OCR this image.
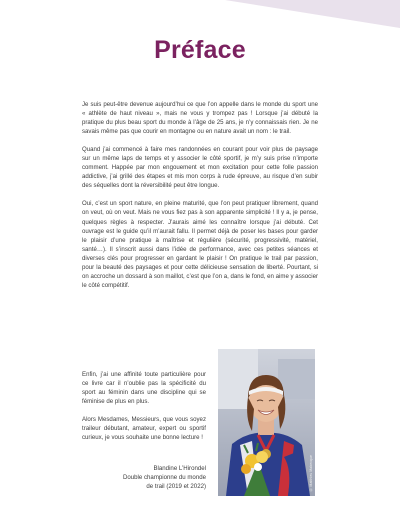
Préface

Je suis peut-être devenue aujourd’hui ce que l’on appelle dans le monde du sport une « athlète de haut niveau », mais ne vous y trompez pas ! Lorsque j’ai débuté la pratique du plus beau sport du monde à l’âge de 25 ans, je n’y connaissais rien. Je ne savais même pas que courir en montagne ou en nature avait un nom : le trail.

Quand j’ai commencé à faire mes randonnées en courant pour voir plus de paysage sur un même laps de temps et y associer le côté sportif, je m’y suis prise n’importe comment. Happée par mon engouement et mon excitation pour cette folle passion addictive, j’ai grillé des étapes et mis mon corps à rude épreuve, au risque d’en subir des séquelles dont la réversibilité peut être longue.

Oui, c’est un sport nature, en pleine maturité, que l’on peut pratiquer librement, quand on veut, où on veut. Mais ne vous fiez pas à son apparente simplicité ! Il y a, je pense, quelques règles à respecter. J’aurais aimé les connaître lorsque j’ai débuté. Cet ouvrage est le guide qu’il m’aurait fallu. Il permet déjà de poser les bases pour garder le plaisir d’une pratique à maîtrise et régulière (sécurité, progressivité, matériel, santé…). Il s’inscrit aussi dans l’idée de performance, avec ces petites séances et diverses clés pour progresser en gardant le plaisir ! On pratique le trail par passion, pour la beauté des paysages et pour cette délicieuse sensation de liberté. Pourtant, si on accroche un dossard à son maillot, c’est que l’on a, dans le fond, en aime y associer le côté compétitif.

Enfin, j’ai une affinité toute particulière pour ce livre car il n’oublie pas la spécificité du sport au féminin dans une discipline qui se féminise de plus en plus.

Alors Mesdames, Messieurs, que vous soyez traileur débutant, amateur, expert ou sportif curieux, je vous souhaite une bonne lecture !

Blandine L’Hirondel
Double championne du monde
de trail (2019 et 2022)	© Matthieu Mabecque
